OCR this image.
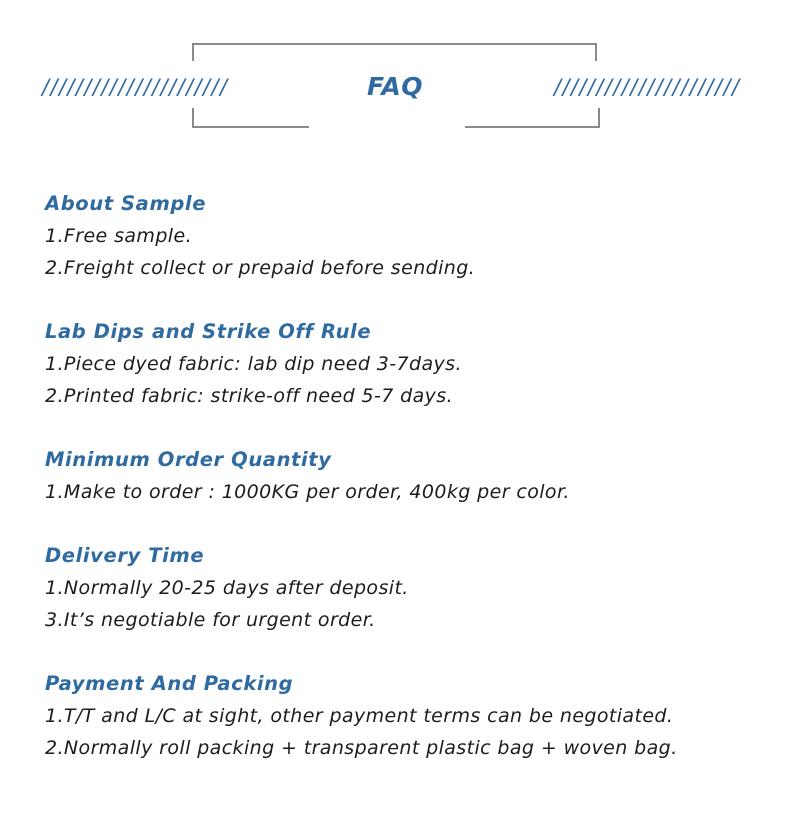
//////////////////////	//////////////////////
FAQ

About Sample

1.Free sample.

2.Freight collect or prepaid before sending.

Lab Dips and Strike Off Rule

1.Piece dyed fabric: lab dip need 3-7days.

2.Printed fabric: strike-off need 5-7 days.

Minimum Order Quantity

1.Make to order : 1000KG per order, 400kg per color.

Delivery Time

1.Normally 20-25 days after deposit.

3.It’s negotiable for urgent order.

Payment And Packing

1.T/T and L/C at sight, other payment terms can be negotiated.

2.Normally roll packing + transparent plastic bag + woven bag.
